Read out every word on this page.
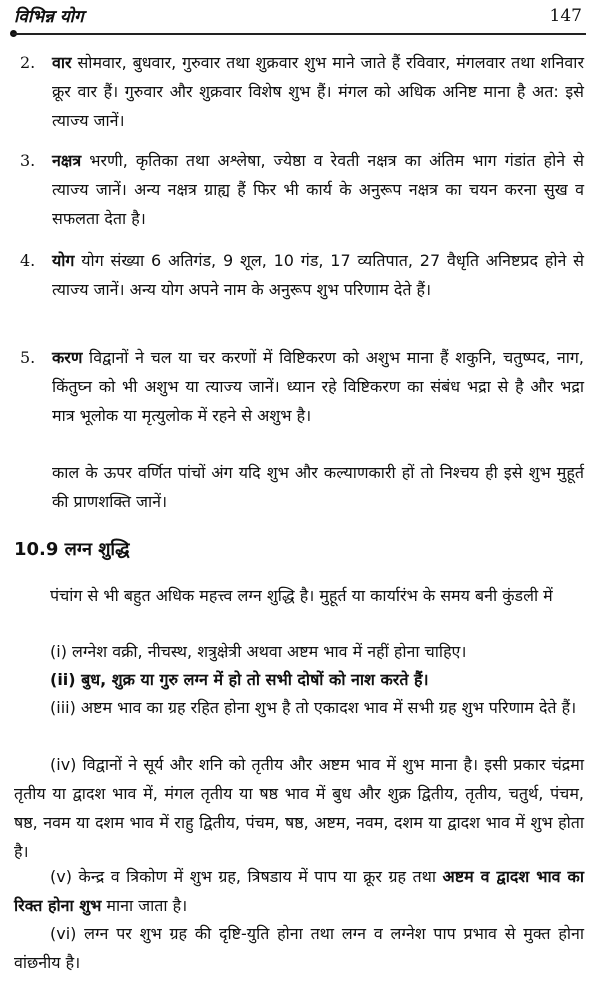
विभिन्न योग	147
2. वार सोमवार, बुधवार, गुरुवार तथा शुक्रवार शुभ माने जाते हैं रविवार, मंगलवार तथा शनिवार क्रूर वार हैं। गुरुवार और शुक्रवार विशेष शुभ हैं। मंगल को अधिक अनिष्ट माना है अत: इसे त्याज्य जानें।
3. नक्षत्र भरणी, कृतिका तथा अश्लेषा, ज्येष्ठा व रेवती नक्षत्र का अंतिम भाग गंडांत होने से त्याज्य जानें। अन्य नक्षत्र ग्राह्य हैं फिर भी कार्य के अनुरूप नक्षत्र का चयन करना सुख व सफलता देता है।
4. योग योग संख्या 6 अतिगंड, 9 शूल, 10 गंड, 17 व्यतिपात, 27 वैधृति अनिष्टप्रद होने से त्याज्य जानें। अन्य योग अपने नाम के अनुरूप शुभ परिणाम देते हैं।
5. करण विद्वानों ने चल या चर करणों में विष्टिकरण को अशुभ माना हैं शकुनि, चतुष्पद, नाग, किंतुघ्न को भी अशुभ या त्याज्य जानें। ध्यान रहे विष्टिकरण का संबंध भद्रा से है और भद्रा मात्र भूलोक या मृत्युलोक में रहने से अशुभ है।
काल के ऊपर वर्णित पांचों अंग यदि शुभ और कल्याणकारी हों तो निश्चय ही इसे शुभ मुहूर्त की प्राणशक्ति जानें।
10.9 लग्न शुद्धि
पंचांग से भी बहुत अधिक महत्त्व लग्न शुद्धि है। मुहूर्त या कार्यारंभ के समय बनी कुंडली में
(i) लग्नेश वक्री, नीचस्थ, शत्रुक्षेत्री अथवा अष्टम भाव में नहीं होना चाहिए।
(ii) बुध, शुक्र या गुरु लग्न में हो तो सभी दोषों को नाश करते हैं।
(iii) अष्टम भाव का ग्रह रहित होना शुभ है तो एकादश भाव में सभी ग्रह शुभ परिणाम देते हैं।
(iv) विद्वानों ने सूर्य और शनि को तृतीय और अष्टम भाव में शुभ माना है। इसी प्रकार चंद्रमा तृतीय या द्वादश भाव में, मंगल तृतीय या षष्ठ भाव में बुध और शुक्र द्वितीय, तृतीय, चतुर्थ, पंचम, षष्ठ, नवम या दशम भाव में राहु द्वितीय, पंचम, षष्ठ, अष्टम, नवम, दशम या द्वादश भाव में शुभ होता है।
(v) केन्द्र व त्रिकोण में शुभ ग्रह, त्रिषडाय में पाप या क्रूर ग्रह तथा अष्टम व द्वादश भाव का रिक्त होना शुभ माना जाता है।
(vi) लग्न पर शुभ ग्रह की दृष्टि-युति होना तथा लग्न व लग्नेश पाप प्रभाव से मुक्त होना वांछनीय है।
